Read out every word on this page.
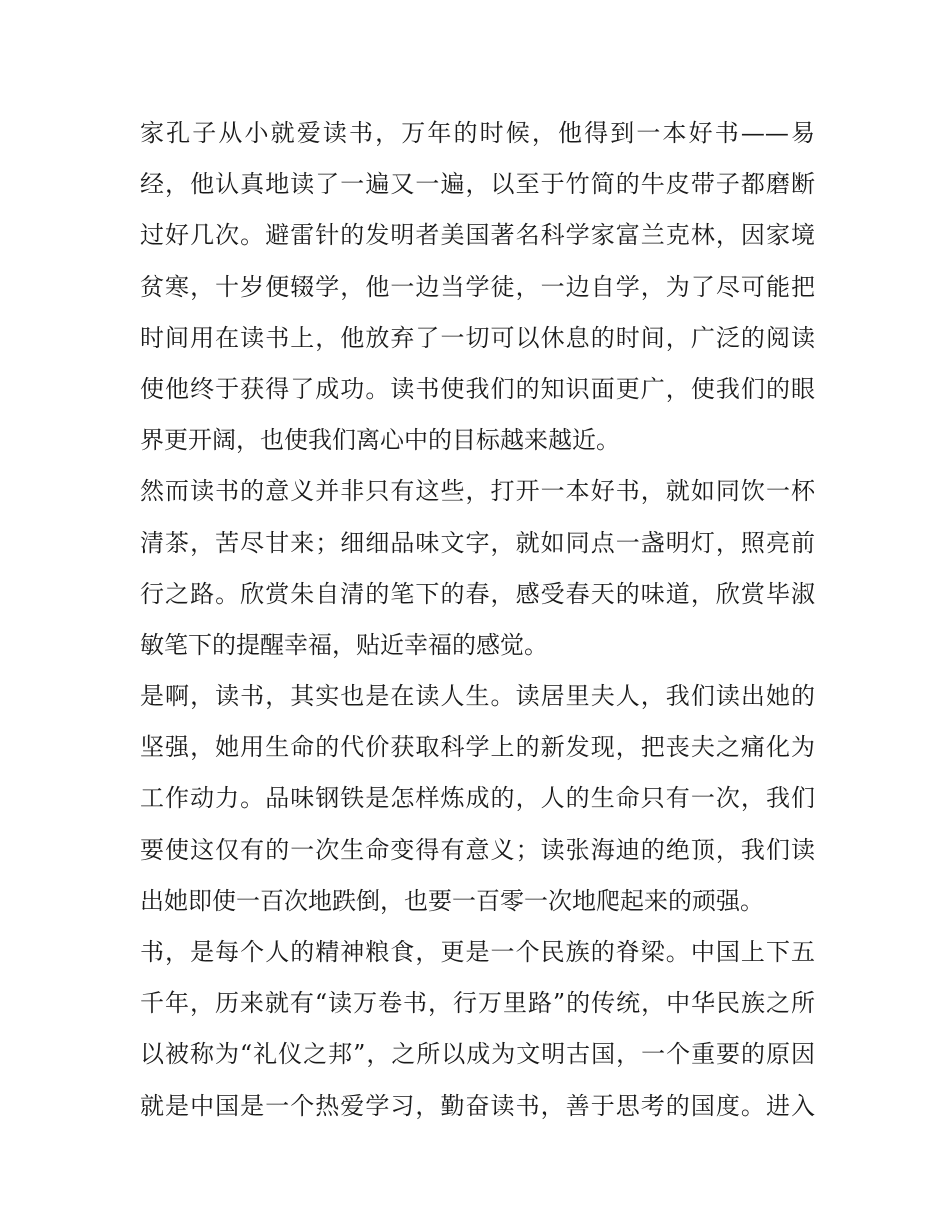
家孔子从小就爱读书，万年的时候，他得到一本好书——易
经，他认真地读了一遍又一遍，以至于竹简的牛皮带子都磨断
过好几次。避雷针的发明者美国著名科学家富兰克林，因家境
贫寒，十岁便辍学，他一边当学徒，一边自学，为了尽可能把
时间用在读书上，他放弃了一切可以休息的时间，广泛的阅读
使他终于获得了成功。读书使我们的知识面更广，使我们的眼
界更开阔，也使我们离心中的目标越来越近。
然而读书的意义并非只有这些，打开一本好书，就如同饮一杯
清茶，苦尽甘来；细细品味文字，就如同点一盏明灯，照亮前
行之路。欣赏朱自清的笔下的春，感受春天的味道，欣赏毕淑
敏笔下的提醒幸福，贴近幸福的感觉。
是啊，读书，其实也是在读人生。读居里夫人，我们读出她的
坚强，她用生命的代价获取科学上的新发现，把丧夫之痛化为
工作动力。品味钢铁是怎样炼成的，人的生命只有一次，我们
要使这仅有的一次生命变得有意义；读张海迪的绝顶，我们读
出她即使一百次地跌倒，也要一百零一次地爬起来的顽强。
书，是每个人的精神粮食，更是一个民族的脊梁。中国上下五
千年，历来就有“读万卷书，行万里路”的传统，中华民族之所
以被称为“礼仪之邦”，之所以成为文明古国，一个重要的原因
就是中国是一个热爱学习，勤奋读书，善于思考的国度。进入
